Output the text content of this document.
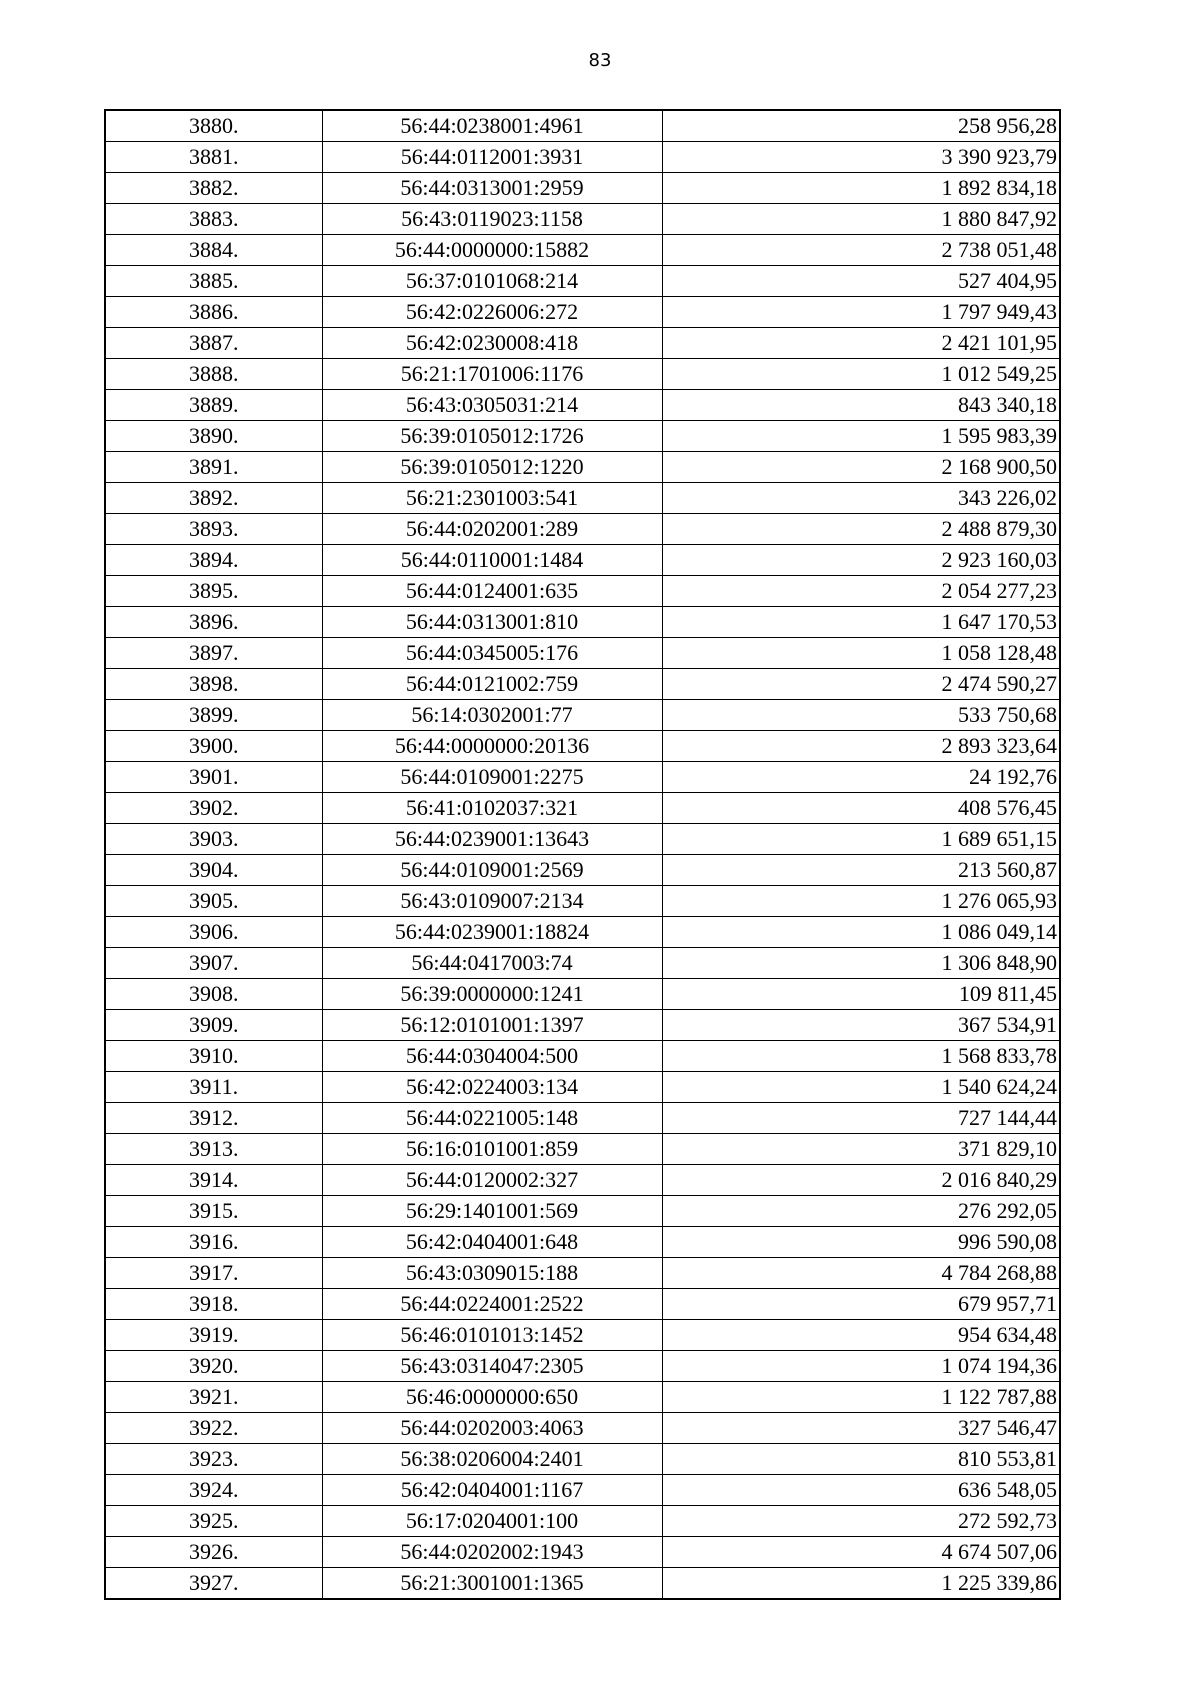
83
3880.	56:44:0238001:4961	258 956,28
3881.	56:44:0112001:3931	3 390 923,79
3882.	56:44:0313001:2959	1 892 834,18
3883.	56:43:0119023:1158	1 880 847,92
3884.	56:44:0000000:15882	2 738 051,48
3885.	56:37:0101068:214	527 404,95
3886.	56:42:0226006:272	1 797 949,43
3887.	56:42:0230008:418	2 421 101,95
3888.	56:21:1701006:1176	1 012 549,25
3889.	56:43:0305031:214	843 340,18
3890.	56:39:0105012:1726	1 595 983,39
3891.	56:39:0105012:1220	2 168 900,50
3892.	56:21:2301003:541	343 226,02
3893.	56:44:0202001:289	2 488 879,30
3894.	56:44:0110001:1484	2 923 160,03
3895.	56:44:0124001:635	2 054 277,23
3896.	56:44:0313001:810	1 647 170,53
3897.	56:44:0345005:176	1 058 128,48
3898.	56:44:0121002:759	2 474 590,27
3899.	56:14:0302001:77	533 750,68
3900.	56:44:0000000:20136	2 893 323,64
3901.	56:44:0109001:2275	24 192,76
3902.	56:41:0102037:321	408 576,45
3903.	56:44:0239001:13643	1 689 651,15
3904.	56:44:0109001:2569	213 560,87
3905.	56:43:0109007:2134	1 276 065,93
3906.	56:44:0239001:18824	1 086 049,14
3907.	56:44:0417003:74	1 306 848,90
3908.	56:39:0000000:1241	109 811,45
3909.	56:12:0101001:1397	367 534,91
3910.	56:44:0304004:500	1 568 833,78
3911.	56:42:0224003:134	1 540 624,24
3912.	56:44:0221005:148	727 144,44
3913.	56:16:0101001:859	371 829,10
3914.	56:44:0120002:327	2 016 840,29
3915.	56:29:1401001:569	276 292,05
3916.	56:42:0404001:648	996 590,08
3917.	56:43:0309015:188	4 784 268,88
3918.	56:44:0224001:2522	679 957,71
3919.	56:46:0101013:1452	954 634,48
3920.	56:43:0314047:2305	1 074 194,36
3921.	56:46:0000000:650	1 122 787,88
3922.	56:44:0202003:4063	327 546,47
3923.	56:38:0206004:2401	810 553,81
3924.	56:42:0404001:1167	636 548,05
3925.	56:17:0204001:100	272 592,73
3926.	56:44:0202002:1943	4 674 507,06
3927.	56:21:3001001:1365	1 225 339,86
